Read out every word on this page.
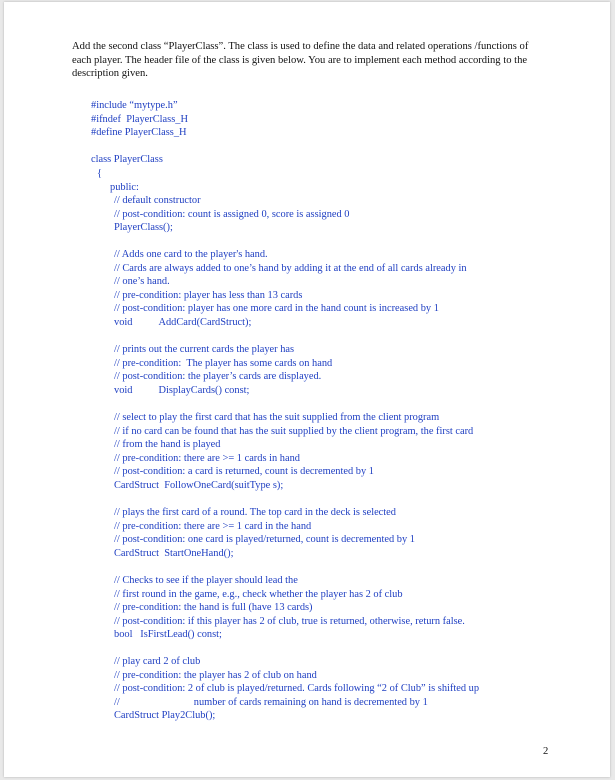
Add the second class “PlayerClass”. The class is used to define the data and related operations /functions of each player. The header file of the class is given below. You are to implement each method according to the description given.
#include “mytype.h”
#ifndef  PlayerClass_H
#define PlayerClass_H
class PlayerClass
{
public:
// default constructor
// post-condition: count is assigned 0, score is assigned 0
PlayerClass();
// Adds one card to the player's hand.
// Cards are always added to one’s hand by adding it at the end of all cards already in
// one’s hand.
// pre-condition: player has less than 13 cards
// post-condition: player has one more card in the hand count is increased by 1
void	AddCard(CardStruct);
// prints out the current cards the player has
// pre-condition:  The player has some cards on hand
// post-condition: the player’s cards are displayed.
void	DisplayCards() const;
// select to play the first card that has the suit supplied from the client program
// if no card can be found that has the suit supplied by the client program, the first card
// from the hand is played
// pre-condition: there are >= 1 cards in hand
// post-condition: a card is returned, count is decremented by 1
CardStruct  FollowOneCard(suitType s);
// plays the first card of a round. The top card in the deck is selected
// pre-condition: there are >= 1 card in the hand
// post-condition: one card is played/returned, count is decremented by 1
CardStruct  StartOneHand();
// Checks to see if the player should lead the
// first round in the game, e.g., check whether the player has 2 of club
// pre-condition: the hand is full (have 13 cards)
// post-condition: if this player has 2 of club, true is returned, otherwise, return false.
bool   IsFirstLead() const;
// play card 2 of club
// pre-condition: the player has 2 of club on hand
// post-condition: 2 of club is played/returned. Cards following “2 of Club” is shifted up
//	number of cards remaining on hand is decremented by 1
CardStruct Play2Club();
2
